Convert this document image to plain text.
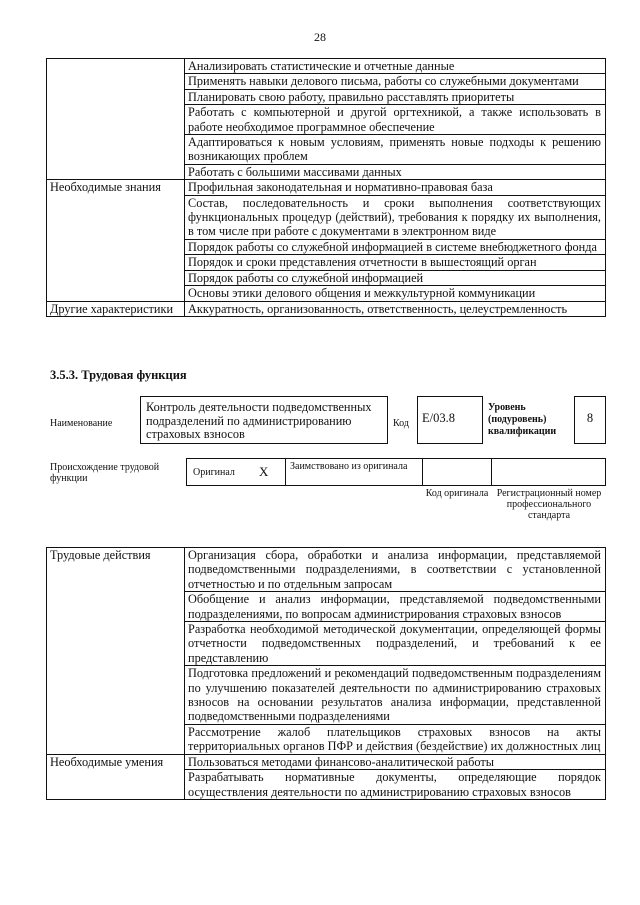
28
	Анализировать статистические и отчетные данные
	Применять навыки делового письма, работы со служебными документами
	Планировать свою работу, правильно расставлять приоритеты
	Работать с компьютерной и другой оргтехникой, а также использовать в работе необходимое программное обеспечение
	Адаптироваться к новым условиям, применять новые подходы к решению возникающих проблем
	Работать с большими массивами данных
Необходимые знания	Профильная законодательная и нормативно-правовая база
	Состав, последовательность и сроки выполнения соответствующих функциональных процедур (действий), требования к порядку их выполнения, в том числе при работе с документами в электронном виде
	Порядок работы со служебной информацией в системе внебюджетного фонда
	Порядок и сроки представления отчетности в вышестоящий орган
	Порядок работы со служебной информацией
	Основы этики делового общения и межкультурной коммуникации
Другие характеристики	Аккуратность, организованность, ответственность, целеустремленность
3.5.3. Трудовая функция
Наименование
Контроль деятельности подведомственных подразделений по администрированию страховых взносов
Код	Е/03.8
Уровень (подуровень) квалификации
8
Происхождение трудовой функции
Оригинал X	Заимствовано из оригинала
Код оригинала Регистрационный номер профессионального стандарта
Трудовые действия	Организация сбора, обработки и анализа информации, представляемой подведомственными подразделениями, в соответствии с установленной отчетностью и по отдельным запросам
	Обобщение и анализ информации, представляемой подведомственными подразделениями, по вопросам администрирования страховых взносов
	Разработка необходимой методической документации, определяющей формы отчетности подведомственных подразделений, и требований к ее представлению
	Подготовка предложений и рекомендаций подведомственным подразделениям по улучшению показателей деятельности по администрированию страховых взносов на основании результатов анализа информации, представленной подведомственными подразделениями
	Рассмотрение жалоб плательщиков страховых взносов на акты территориальных органов ПФР и действия (бездействие) их должностных лиц
Необходимые умения	Пользоваться методами финансово-аналитической работы
	Разрабатывать нормативные документы, определяющие порядок осуществления деятельности по администрированию страховых взносов
